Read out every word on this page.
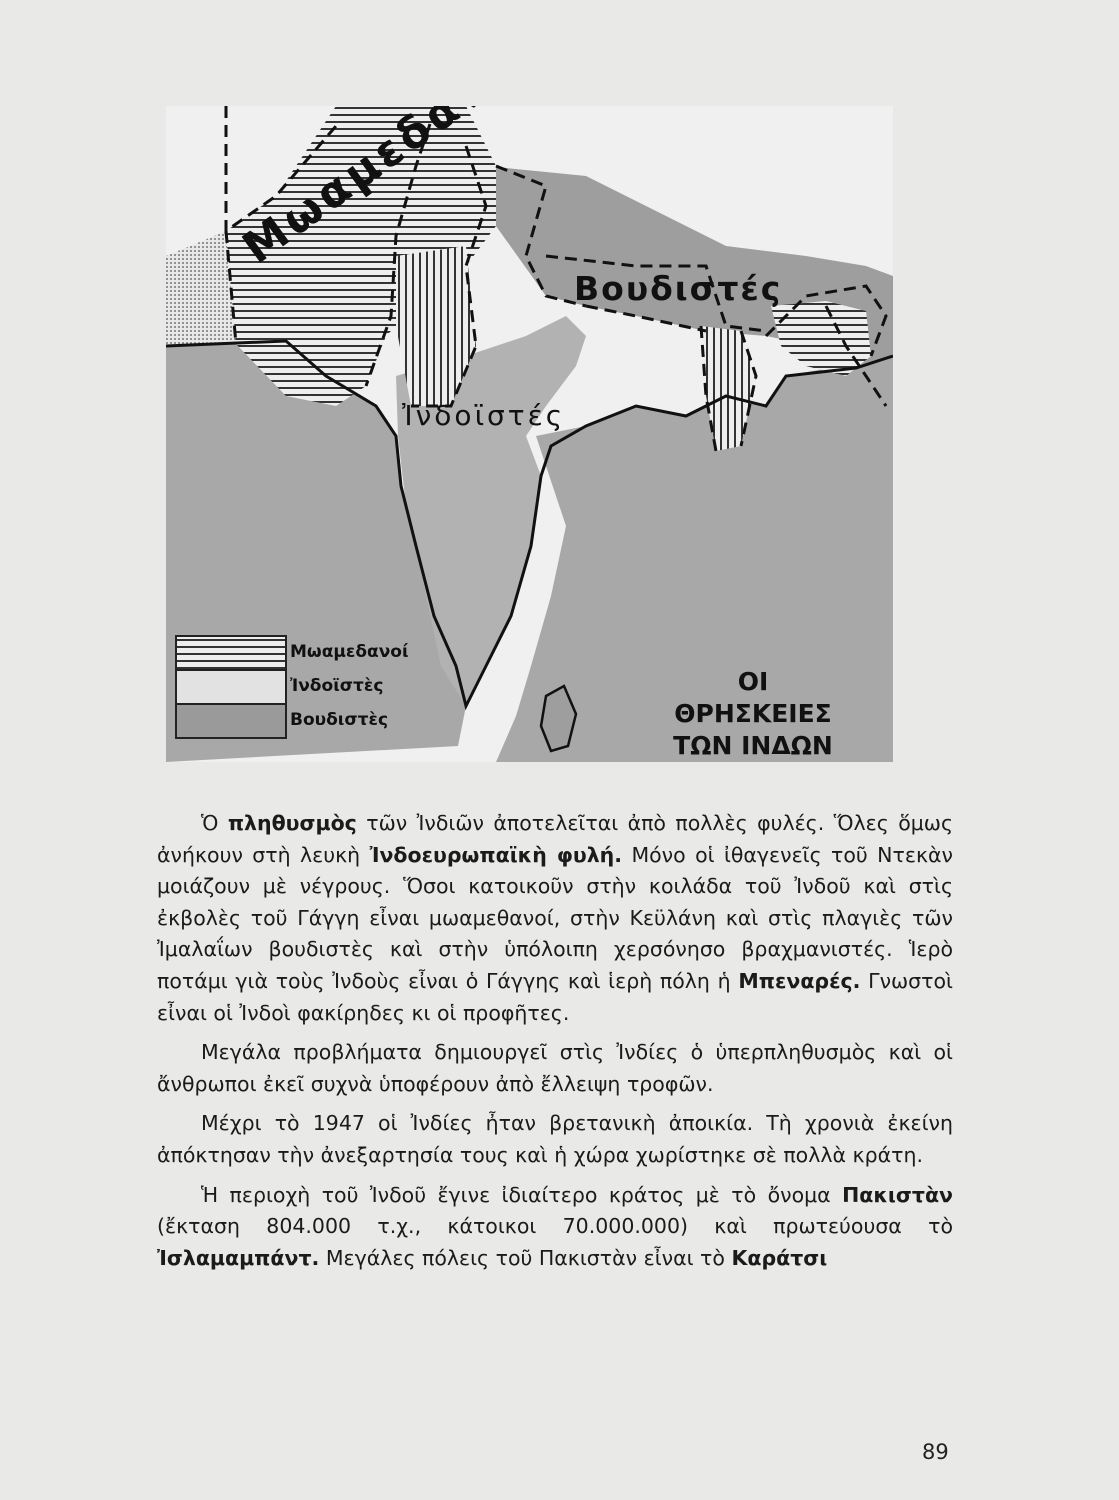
Βουδιστές
Ἰνδοϊστές
Μωαμεδανοί
Ἰνδοϊστὲς
Βουδιστὲς
ΟΙ ΘΡΗΣΚΕΙΕΣ
ΤΩΝ ΙΝΔΩΝ

Ὁ πληθυσμὸς τῶν Ἰνδιῶν ἀποτελεῖται ἀπὸ πολλὲς φυλές. Ὅλες ὅμως ἀνήκουν στὴ λευκὴ Ἰνδοευρωπαϊκὴ φυλή. Μόνο οἱ ἰθαγενεῖς τοῦ Ντεκὰν μοιάζουν μὲ νέγρους. Ὅσοι κατοικοῦν στὴν κοιλάδα τοῦ Ἰνδοῦ καὶ στὶς ἐκβολὲς τοῦ Γάγγη εἶναι μωαμεθανοί, στὴν Κεϋλάνη καὶ στὶς πλαγιὲς τῶν Ἰμαλαΐων βουδιστὲς καὶ στὴν ὑπόλοιπη χερσόνησο βραχμανιστές. Ἱερὸ ποτάμι γιὰ τοὺς Ἰνδοὺς εἶναι ὁ Γάγγης καὶ ἱερὴ πόλη ἡ Μπεναρές. Γνωστοὶ εἶναι οἱ Ἰνδοὶ φακίρηδες κι οἱ προφῆτες.

Μεγάλα προβλήματα δημιουργεῖ στὶς Ἰνδίες ὁ ὑπερπληθυσμὸς καὶ οἱ ἄνθρωποι ἐκεῖ συχνὰ ὑποφέρουν ἀπὸ ἔλλειψη τροφῶν.

Μέχρι τὸ 1947 οἱ Ἰνδίες ἦταν βρετανικὴ ἀποικία. Τὴ χρονιὰ ἐκείνη ἀπόκτησαν τὴν ἀνεξαρτησία τους καὶ ἡ χώρα χωρίστηκε σὲ πολλὰ κράτη.

Ἡ περιοχὴ τοῦ Ἰνδοῦ ἔγινε ἰδιαίτερο κράτος μὲ τὸ ὄνομα Πακιστὰν (ἔκταση 804.000 τ.χ., κάτοικοι 70.000.000) καὶ πρωτεύουσα τὸ Ἰσλαμαμπάντ. Μεγάλες πόλεις τοῦ Πακιστὰν εἶναι τὸ Καράτσι

89
